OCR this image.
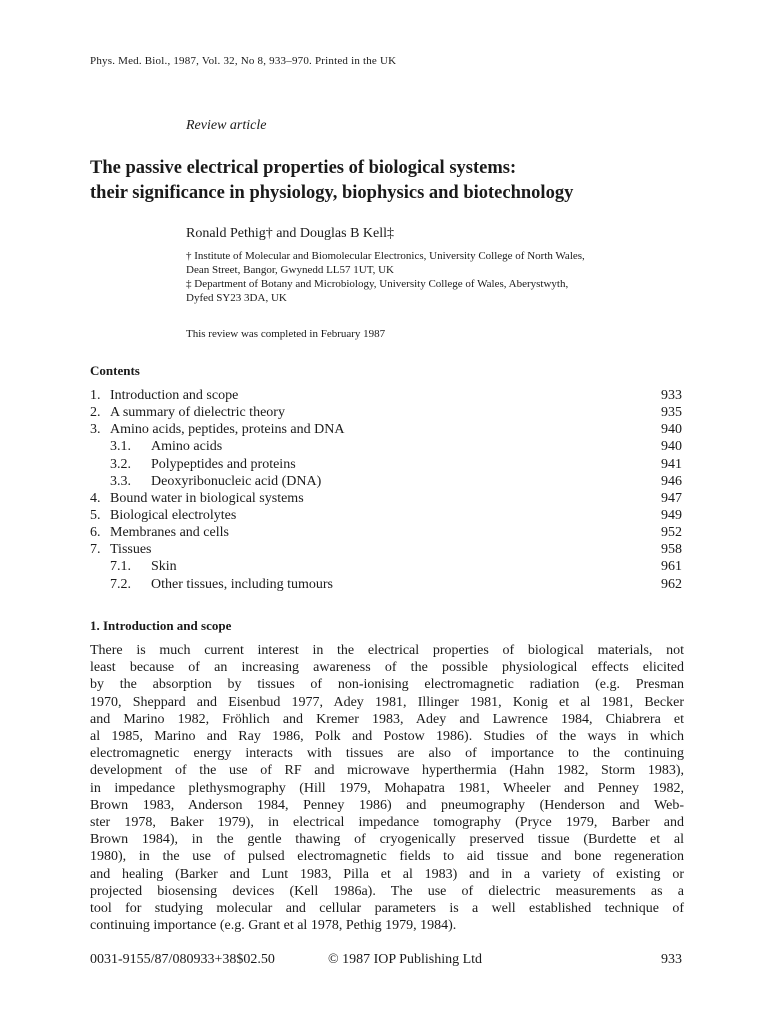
Phys. Med. Biol., 1987, Vol. 32, No 8, 933–970. Printed in the UK
Review article
The passive electrical properties of biological systems:
their significance in physiology, biophysics and biotechnology
Ronald Pethig† and Douglas B Kell‡
† Institute of Molecular and Biomolecular Electronics, University College of North Wales,
Dean Street, Bangor, Gwynedd LL57 1UT, UK
‡ Department of Botany and Microbiology, University College of Wales, Aberystwyth,
Dyfed SY23 3DA, UK
This review was completed in February 1987
Contents
1. Introduction and scope	933
2. A summary of dielectric theory	935
3. Amino acids, peptides, proteins and DNA	940
3.1. Amino acids	940
3.2. Polypeptides and proteins	941
3.3. Deoxyribonucleic acid (DNA)	946
4. Bound water in biological systems	947
5. Biological electrolytes	949
6. Membranes and cells	952
7. Tissues	958
7.1. Skin	961
7.2. Other tissues, including tumours	962
1. Introduction and scope

There is much current interest in the electrical properties of biological materials, not
least because of an increasing awareness of the possible physiological effects elicited
by the absorption by tissues of non-ionising electromagnetic radiation (e.g. Presman
1970, Sheppard and Eisenbud 1977, Adey 1981, Illinger 1981, Konig et al 1981, Becker
and Marino 1982, Fröhlich and Kremer 1983, Adey and Lawrence 1984, Chiabrera et
al 1985, Marino and Ray 1986, Polk and Postow 1986). Studies of the ways in which
electromagnetic energy interacts with tissues are also of importance to the continuing
development of the use of RF and microwave hyperthermia (Hahn 1982, Storm 1983),
in impedance plethysmography (Hill 1979, Mohapatra 1981, Wheeler and Penney 1982,
Brown 1983, Anderson 1984, Penney 1986) and pneumography (Henderson and Web-
ster 1978, Baker 1979), in electrical impedance tomography (Pryce 1979, Barber and
Brown 1984), in the gentle thawing of cryogenically preserved tissue (Burdette et al
1980), in the use of pulsed electromagnetic fields to aid tissue and bone regeneration
and healing (Barker and Lunt 1983, Pilla et al 1983) and in a variety of existing or
projected biosensing devices (Kell 1986a). The use of dielectric measurements as a
tool for studying molecular and cellular parameters is a well established technique of
continuing importance (e.g. Grant et al 1978, Pethig 1979, 1984).

0031-9155/87/080933+38$02.50	© 1987 IOP Publishing Ltd	933
